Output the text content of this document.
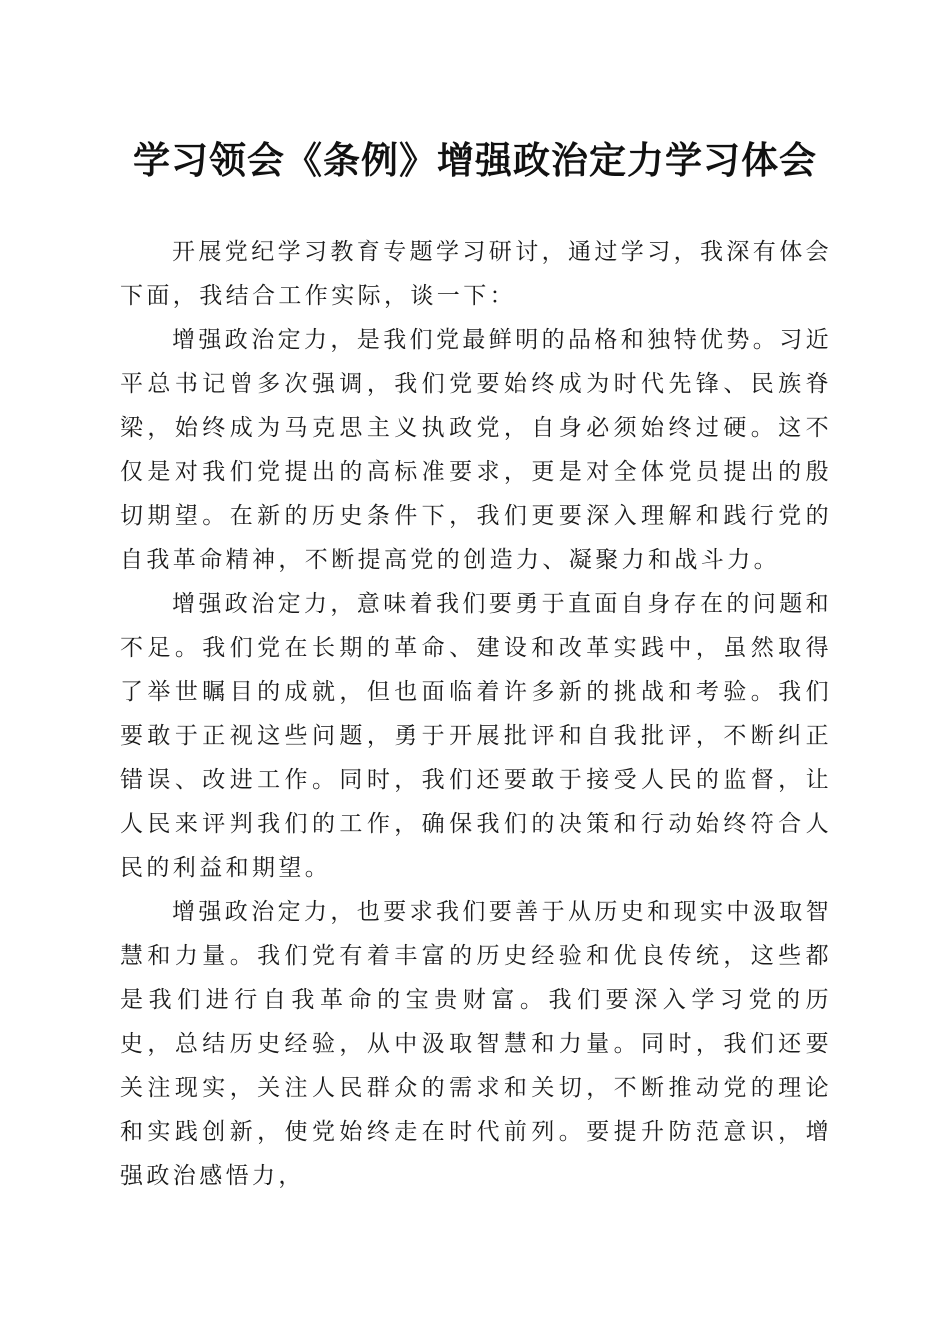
学习领会《条例》增强政治定力学习体会

开展党纪学习教育专题学习研讨，通过学习，我深有体会下面，我结合工作实际，谈一下：

增强政治定力，是我们党最鲜明的品格和独特优势。习近平总书记曾多次强调，我们党要始终成为时代先锋、民族脊梁，始终成为马克思主义执政党，自身必须始终过硬。这不仅是对我们党提出的高标准要求，更是对全体党员提出的殷切期望。在新的历史条件下，我们更要深入理解和践行党的自我革命精神，不断提高党的创造力、凝聚力和战斗力。

增强政治定力，意味着我们要勇于直面自身存在的问题和不足。我们党在长期的革命、建设和改革实践中，虽然取得了举世瞩目的成就，但也面临着许多新的挑战和考验。我们要敢于正视这些问题，勇于开展批评和自我批评，不断纠正错误、改进工作。同时，我们还要敢于接受人民的监督，让人民来评判我们的工作，确保我们的决策和行动始终符合人民的利益和期望。

增强政治定力，也要求我们要善于从历史和现实中汲取智慧和力量。我们党有着丰富的历史经验和优良传统，这些都是我们进行自我革命的宝贵财富。我们要深入学习党的历史，总结历史经验，从中汲取智慧和力量。同时，我们还要关注现实，关注人民群众的需求和关切，不断推动党的理论和实践创新，使党始终走在时代前列。要提升防范意识，增强政治感悟力，
